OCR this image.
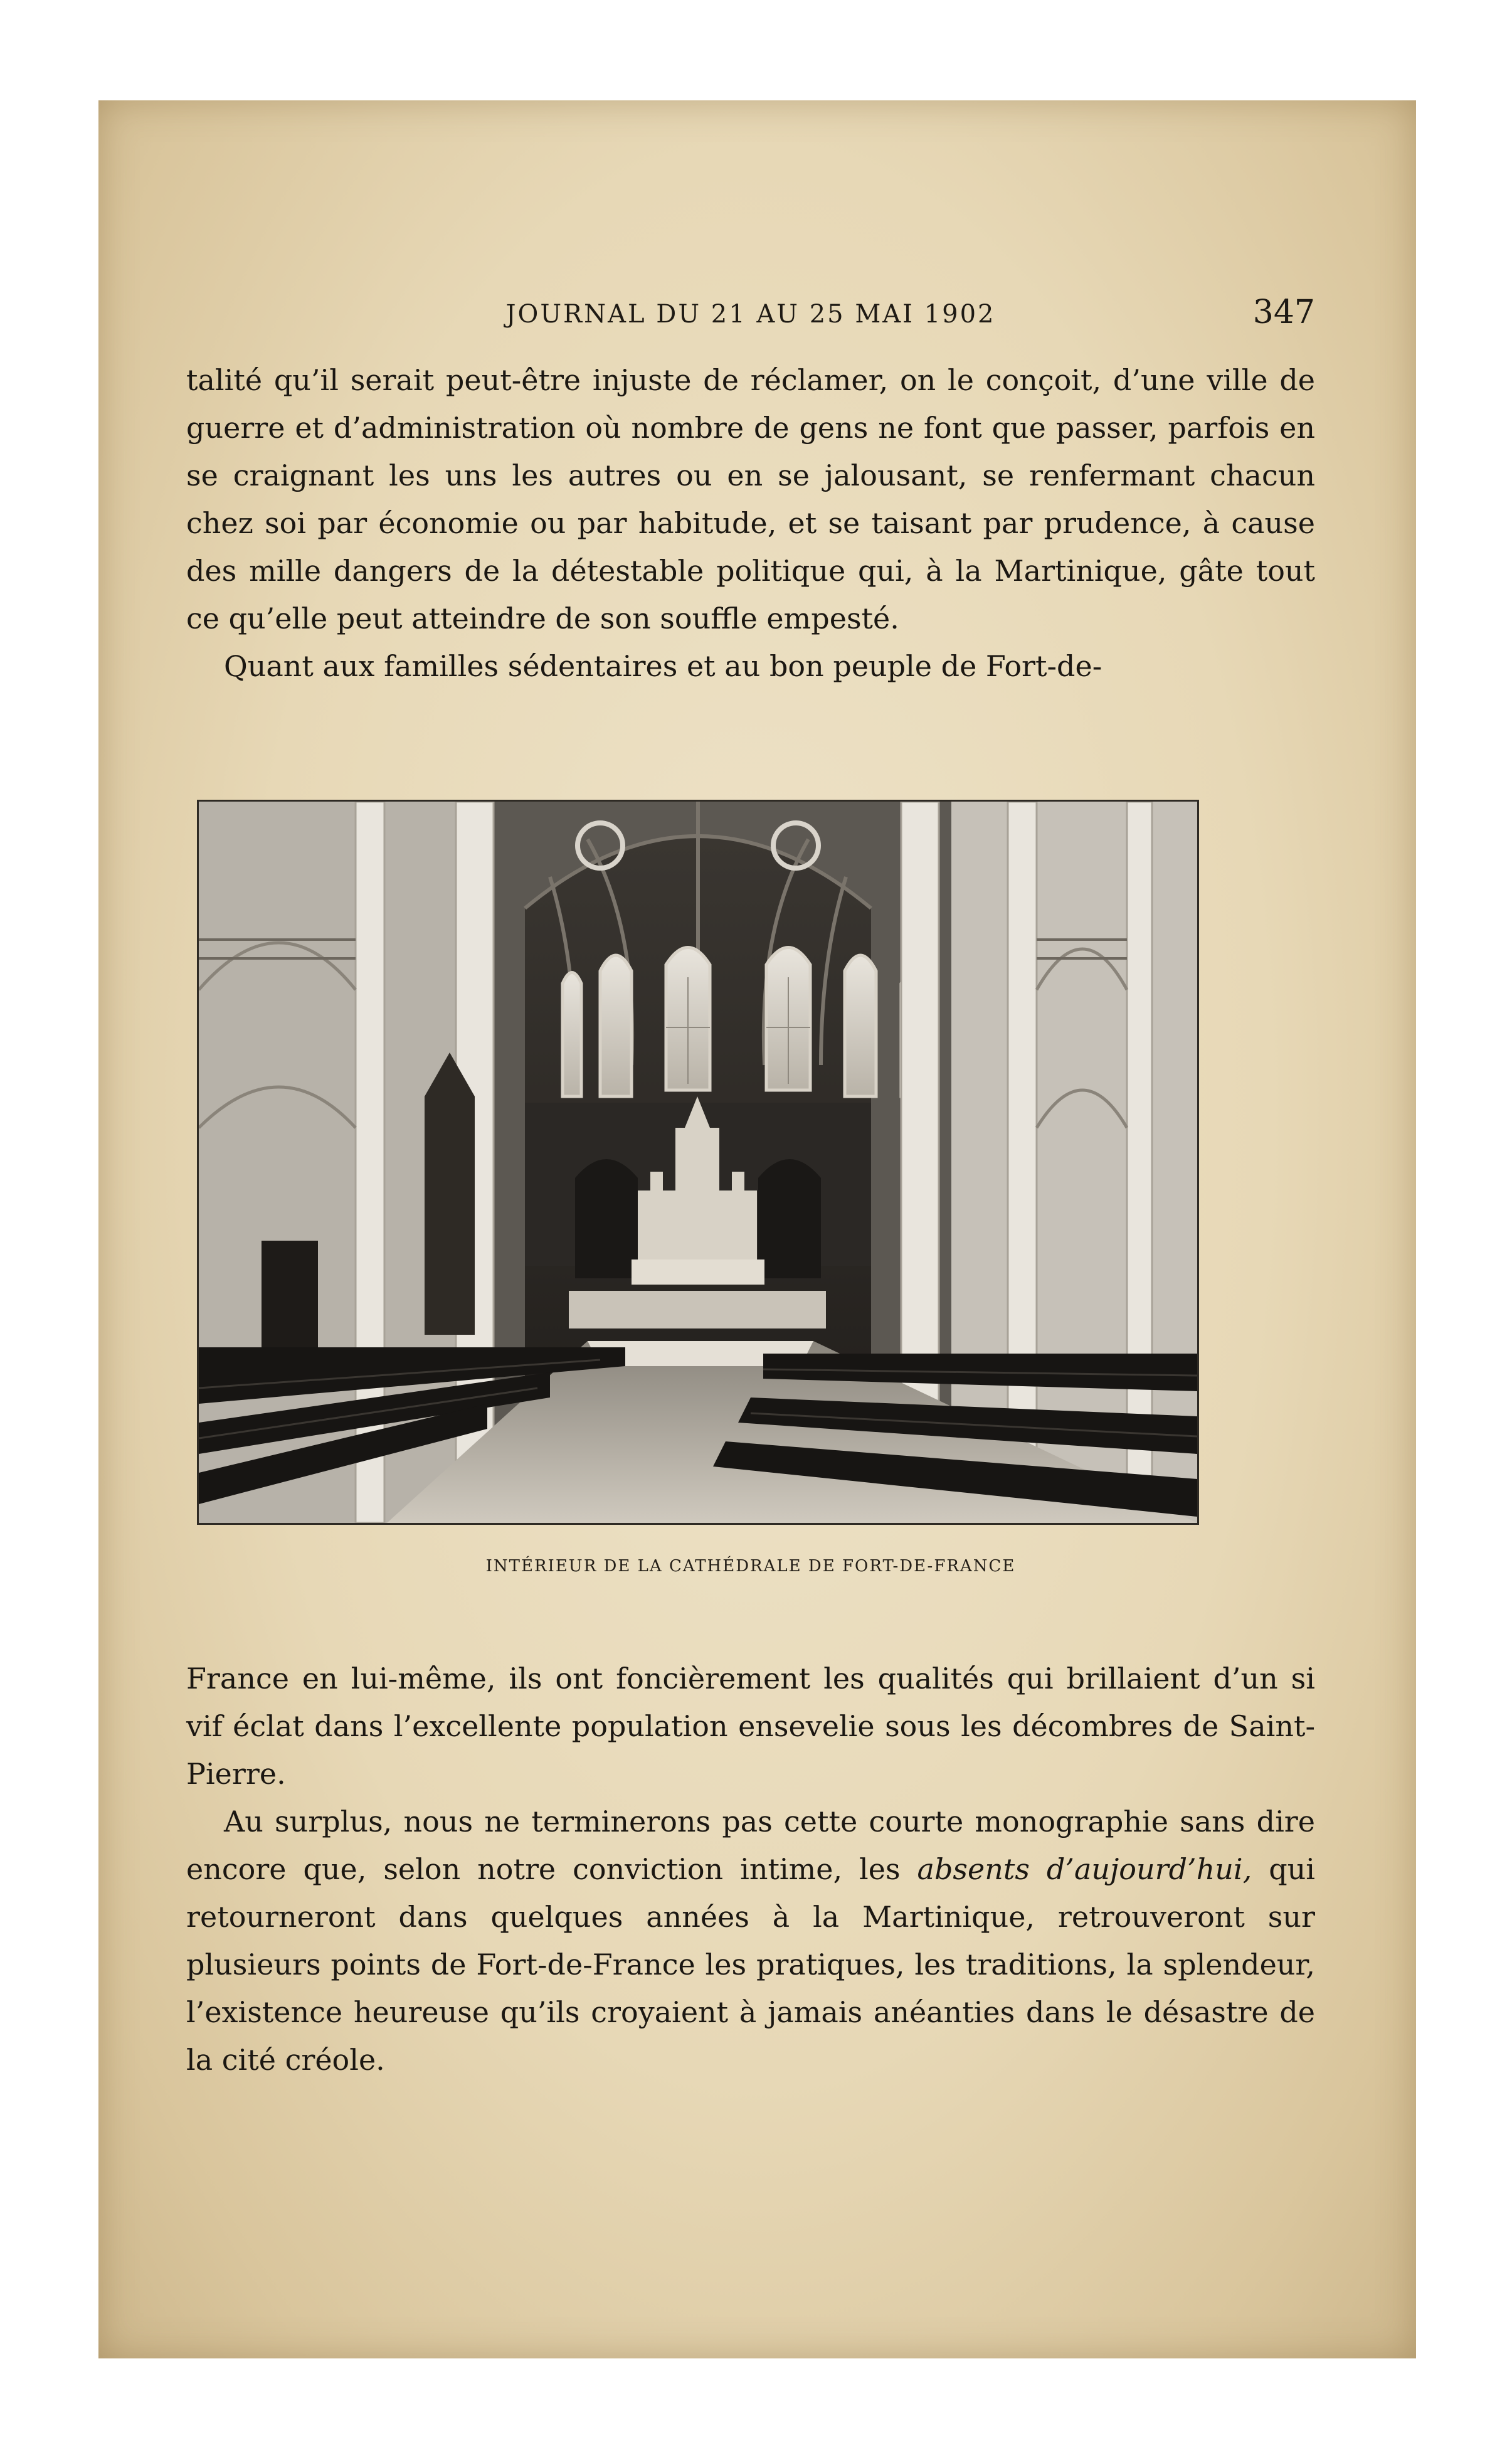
JOURNAL DU 21 AU 25 MAI 1902	347

talité qu’il serait peut-être injuste de réclamer, on le conçoit, d’une ville de guerre et d’administration où nombre de gens ne font que passer, parfois en se craignant les uns les autres ou en se jalousant, se renfermant chacun chez soi par économie ou par habitude, et se taisant par prudence, à cause des mille dangers de la détestable politique qui, à la Martinique, gâte tout ce qu’elle peut atteindre de son souffle empesté.

Quant aux familles sédentaires et au bon peuple de Fort-de-

INTÉRIEUR DE LA CATHÉDRALE DE FORT-DE-FRANCE

France en lui-même, ils ont foncièrement les qualités qui brillaient d’un si vif éclat dans l’excellente population ensevelie sous les décombres de Saint-Pierre.

Au surplus, nous ne terminerons pas cette courte monographie sans dire encore que, selon notre conviction intime, les absents d’aujourd’hui, qui retourneront dans quelques années à la Martinique, retrouveront sur plusieurs points de Fort-de-France les pratiques, les traditions, la splendeur, l’existence heureuse qu’ils croyaient à jamais anéanties dans le désastre de la cité créole.
